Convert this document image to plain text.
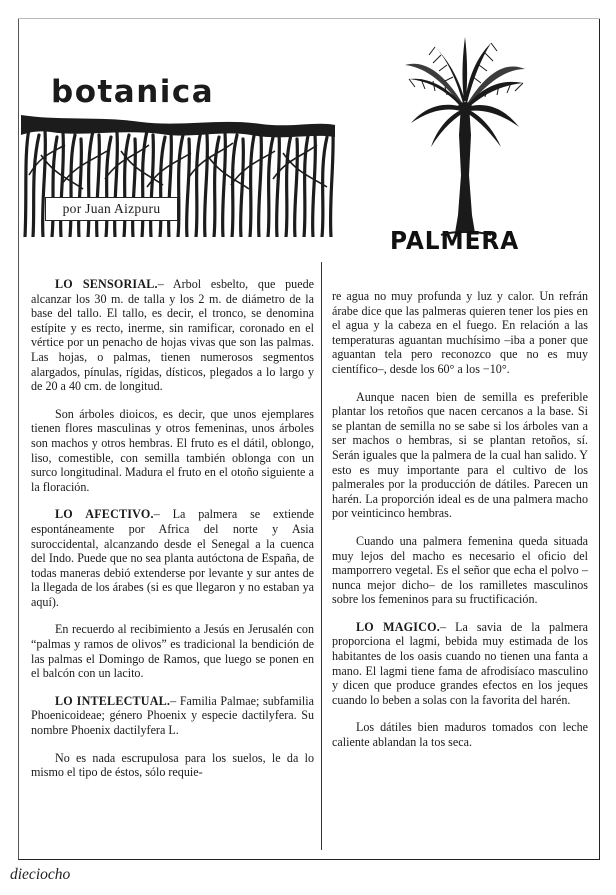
botanica
por Juan Aizpuru
PALMERA

LO SENSORIAL.– Arbol esbelto, que puede alcanzar los 30 m. de talla y los 2 m. de diámetro de la base del tallo. El tallo, es decir, el tronco, se denomina estípite y es recto, inerme, sin ramificar, coronado en el vértice por un penacho de hojas vivas que son las palmas. Las hojas, o palmas, tienen numerosos segmentos alargados, pínulas, rígidas, dísticos, plegados a lo largo y de 20 a 40 cm. de longitud.

Son árboles dioicos, es decir, que unos ejemplares tienen flores masculinas y otros femeninas, unos árboles son machos y otros hembras. El fruto es el dátil, oblongo, liso, comestible, con semilla también oblonga con un surco longitudinal. Madura el fruto en el otoño siguiente a la floración.

LO AFECTIVO.– La palmera se extiende espontáneamente por Africa del norte y Asia suroccidental, alcanzando desde el Senegal a la cuenca del Indo. Puede que no sea planta autóctona de España, de todas maneras debió extenderse por levante y sur antes de la llegada de los árabes (si es que llegaron y no estaban ya aquí).

En recuerdo al recibimiento a Jesús en Jerusalén con “palmas y ramos de olivos” es tradicional la bendición de las palmas el Domingo de Ramos, que luego se ponen en el balcón con un lacito.

LO INTELECTUAL.– Familia Palmae; subfamilia Phoenicoideae; género Phoenix y especie dactilyfera. Su nombre Phoenix dactilyfera L.

No es nada escrupulosa para los suelos, le da lo mismo el tipo de éstos, sólo requie-

re agua no muy profunda y luz y calor. Un refrán árabe dice que las palmeras quieren tener los pies en el agua y la cabeza en el fuego. En relación a las temperaturas aguantan muchísimo –iba a poner que aguantan tela pero reconozco que no es muy científico–, desde los 60° a los −10°.

Aunque nacen bien de semilla es preferible plantar los retoños que nacen cercanos a la base. Si se plantan de semilla no se sabe si los árboles van a ser machos o hembras, si se plantan retoños, sí. Serán iguales que la palmera de la cual han salido. Y esto es muy importante para el cultivo de los palmerales por la producción de dátiles. Parecen un harén. La proporción ideal es de una palmera macho por veinticinco hembras.

Cuando una palmera femenina queda situada muy lejos del macho es necesario el oficio del mamporrero vegetal. Es el señor que echa el polvo –nunca mejor dicho– de los ramilletes masculinos sobre los femeninos para su fructificación.

LO MAGICO.– La savia de la palmera proporciona el lagmi, bebida muy estimada de los habitantes de los oasis cuando no tienen una fanta a mano. El lagmi tiene fama de afrodisíaco masculino y dicen que produce grandes efectos en los jeques cuando lo beben a solas con la favorita del harén.

Los dátiles bien maduros tomados con leche caliente ablandan la tos seca.

dieciocho
